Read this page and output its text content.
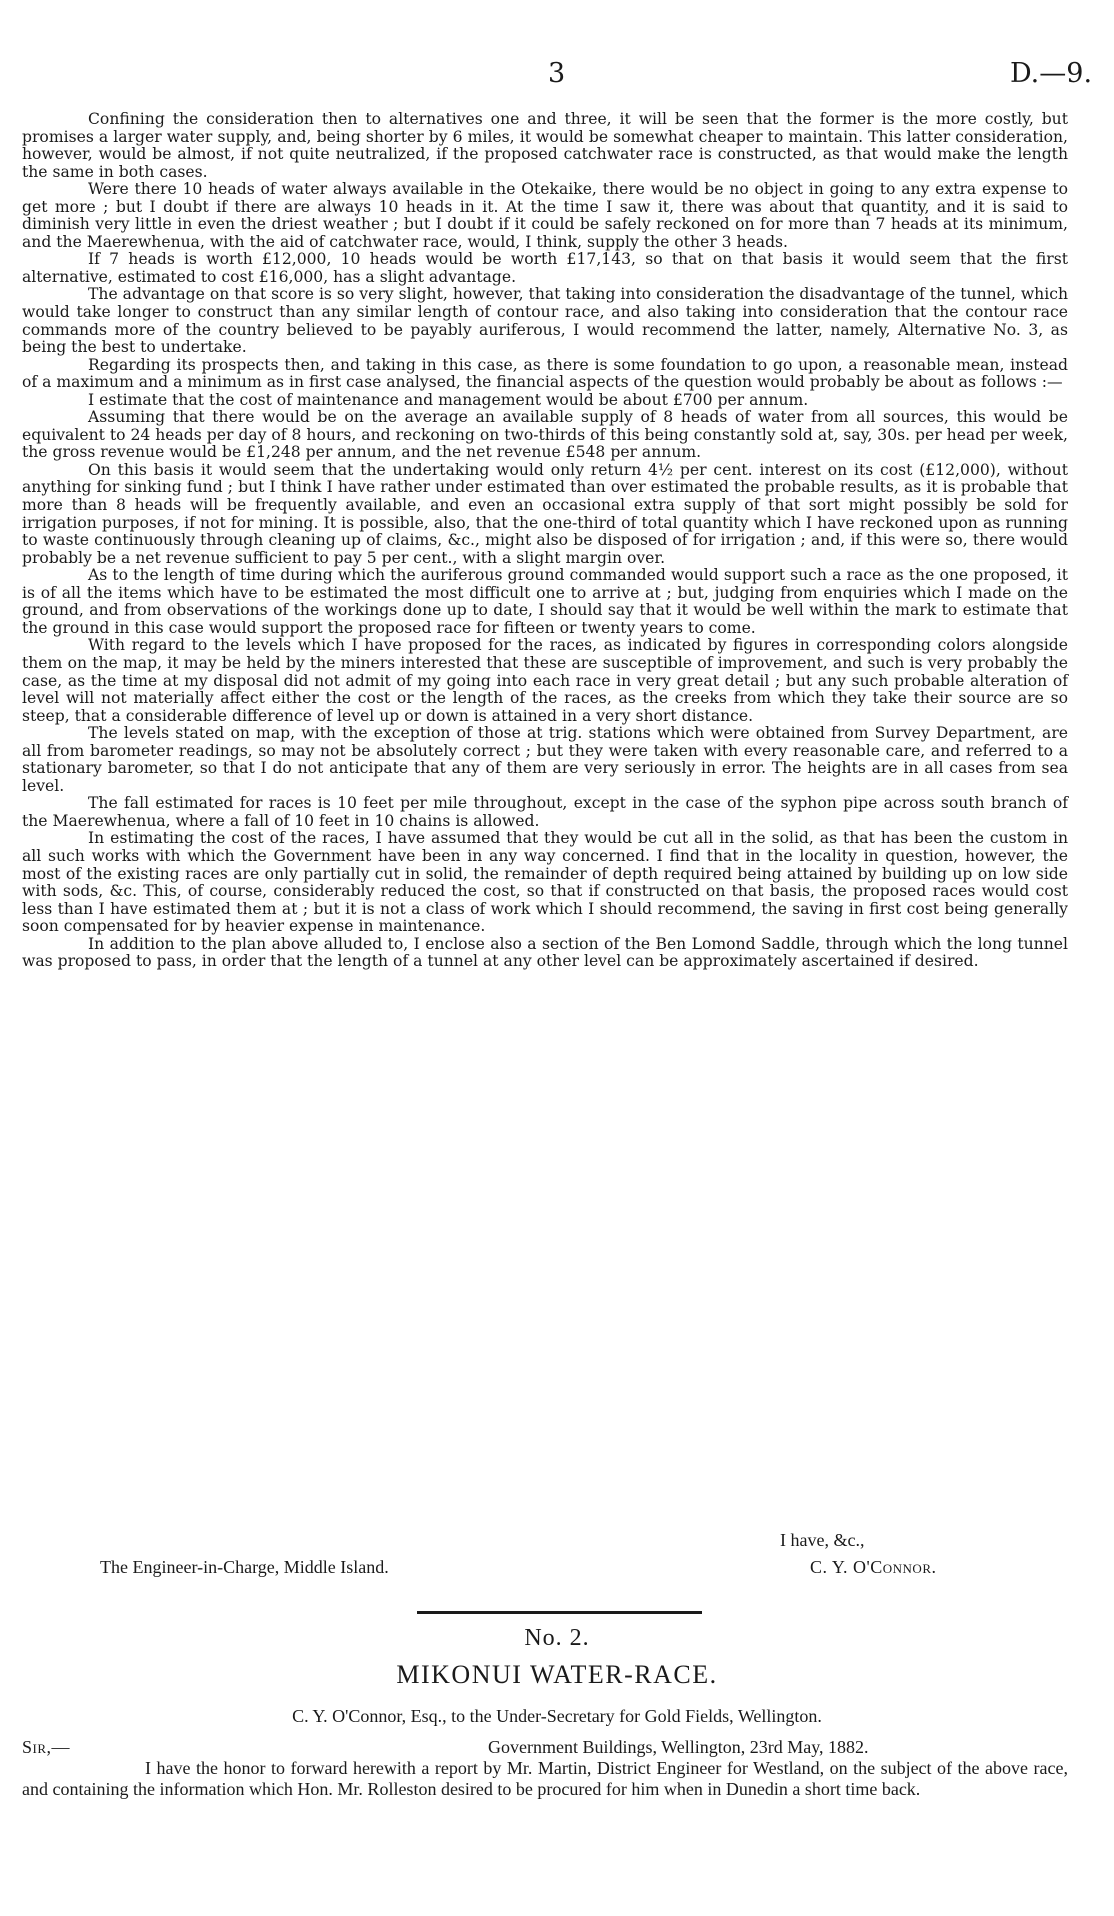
3	D.—9.

Confining the consideration then to alternatives one and three, it will be seen that the former is the more costly, but promises a larger water supply, and, being shorter by 6 miles, it would be somewhat cheaper to maintain. This latter consideration, however, would be almost, if not quite neutralized, if the proposed catchwater race is constructed, as that would make the length the same in both cases.

Were there 10 heads of water always available in the Otekaike, there would be no object in going to any extra expense to get more ; but I doubt if there are always 10 heads in it. At the time I saw it, there was about that quantity, and it is said to diminish very little in even the driest weather ; but I doubt if it could be safely reckoned on for more than 7 heads at its minimum, and the Maerewhenua, with the aid of catchwater race, would, I think, supply the other 3 heads.

If 7 heads is worth £12,000, 10 heads would be worth £17,143, so that on that basis it would seem that the first alternative, estimated to cost £16,000, has a slight advantage.

The advantage on that score is so very slight, however, that taking into consideration the disadvantage of the tunnel, which would take longer to construct than any similar length of contour race, and also taking into consideration that the contour race commands more of the country believed to be payably auriferous, I would recommend the latter, namely, Alternative No. 3, as being the best to undertake.

Regarding its prospects then, and taking in this case, as there is some foundation to go upon, a reasonable mean, instead of a maximum and a minimum as in first case analysed, the financial aspects of the question would probably be about as follows :—

I estimate that the cost of maintenance and management would be about £700 per annum.

Assuming that there would be on the average an available supply of 8 heads of water from all sources, this would be equivalent to 24 heads per day of 8 hours, and reckoning on two-thirds of this being constantly sold at, say, 30s. per head per week, the gross revenue would be £1,248 per annum, and the net revenue £548 per annum.

On this basis it would seem that the undertaking would only return 4½ per cent. interest on its cost (£12,000), without anything for sinking fund ; but I think I have rather under estimated than over estimated the probable results, as it is probable that more than 8 heads will be frequently available, and even an occasional extra supply of that sort might possibly be sold for irrigation purposes, if not for mining. It is possible, also, that the one-third of total quantity which I have reckoned upon as running to waste continuously through cleaning up of claims, &c., might also be disposed of for irrigation ; and, if this were so, there would probably be a net revenue sufficient to pay 5 per cent., with a slight margin over.

As to the length of time during which the auriferous ground commanded would support such a race as the one proposed, it is of all the items which have to be estimated the most difficult one to arrive at ; but, judging from enquiries which I made on the ground, and from observations of the workings done up to date, I should say that it would be well within the mark to estimate that the ground in this case would support the proposed race for fifteen or twenty years to come.

With regard to the levels which I have proposed for the races, as indicated by figures in corresponding colors alongside them on the map, it may be held by the miners interested that these are susceptible of improvement, and such is very probably the case, as the time at my disposal did not admit of my going into each race in very great detail ; but any such probable alteration of level will not materially affect either the cost or the length of the races, as the creeks from which they take their source are so steep, that a considerable difference of level up or down is attained in a very short distance.

The levels stated on map, with the exception of those at trig. stations which were obtained from Survey Department, are all from barometer readings, so may not be absolutely correct ; but they were taken with every reasonable care, and referred to a stationary barometer, so that I do not anticipate that any of them are very seriously in error. The heights are in all cases from sea level.

The fall estimated for races is 10 feet per mile throughout, except in the case of the syphon pipe across south branch of the Maerewhenua, where a fall of 10 feet in 10 chains is allowed.

In estimating the cost of the races, I have assumed that they would be cut all in the solid, as that has been the custom in all such works with which the Government have been in any way concerned. I find that in the locality in question, however, the most of the existing races are only partially cut in solid, the remainder of depth required being attained by building up on low side with sods, &c. This, of course, considerably reduced the cost, so that if constructed on that basis, the proposed races would cost less than I have estimated them at ; but it is not a class of work which I should recommend, the saving in first cost being generally soon compensated for by heavier expense in maintenance.

In addition to the plan above alluded to, I enclose also a section of the Ben Lomond Saddle, through which the long tunnel was proposed to pass, in order that the length of a tunnel at any other level can be approximately ascertained if desired.

I have, &c.,
The Engineer-in-Charge, Middle Island.	C. Y. O'Connor.
No. 2.
MIKONUI WATER-RACE.
C. Y. O'Connor, Esq., to the Under-Secretary for Gold Fields, Wellington.
Sir,—	Government Buildings, Wellington, 23rd May, 1882.

I have the honor to forward herewith a report by Mr. Martin, District Engineer for Westland, on the subject of the above race, and containing the information which Hon. Mr. Rolleston desired to be procured for him when in Dunedin a short time back.
